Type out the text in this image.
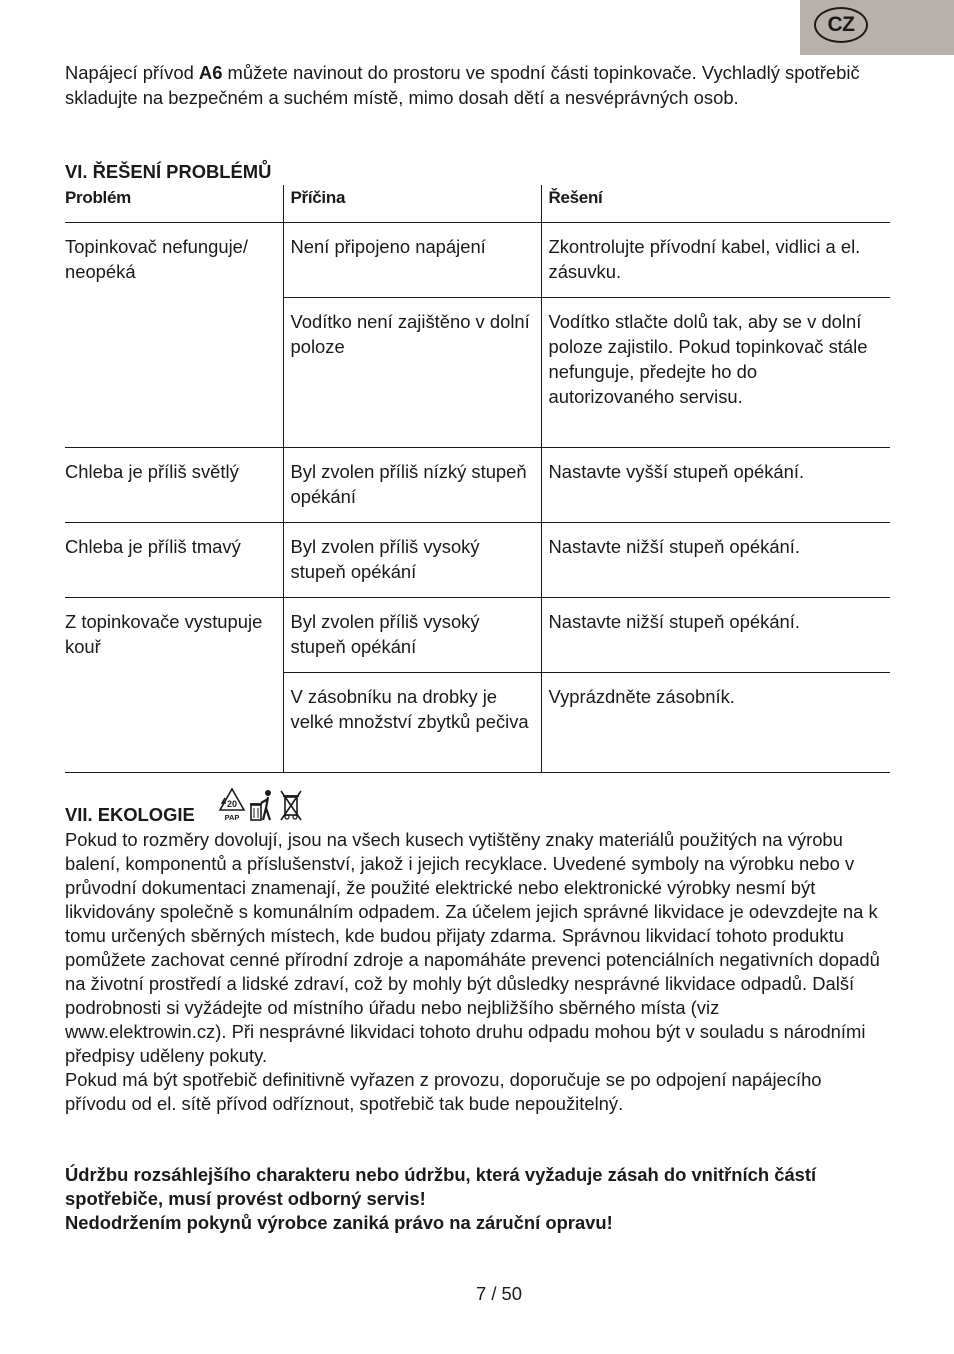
CZ

Napájecí přívod A6 můžete navinout do prostoru ve spodní části topinkovače. Vychladlý spotřebič skladujte na bezpečném a suchém místě, mimo dosah dětí a nesvéprávných osob.

VI. ŘEŠENÍ PROBLÉMŮ
Problém	Příčina	Řešení
Topinkovač nefunguje/ neopéká	Není připojeno napájení	Zkontrolujte přívodní kabel, vidlici a el. zásuvku.
	Vodítko není zajištěno v dolní poloze	Vodítko stlačte dolů tak, aby se v dolní poloze zajistilo. Pokud topinkovač stále nefunguje, předejte ho do autorizovaného servisu.
Chleba je příliš světlý	Byl zvolen příliš nízký stupeň opékání	Nastavte vyšší stupeň opékání.
Chleba je příliš tmavý	Byl zvolen příliš vysoký stupeň opékání	Nastavte nižší stupeň opékání.
Z topinkovače vystupuje kouř	Byl zvolen příliš vysoký stupeň opékání	Nastavte nižší stupeň opékání.
	V zásobníku na drobky je velké množství zbytků pečiva	Vyprázdněte zásobník.
VII. EKOLOGIE	20
PAP

Pokud to rozměry dovolují, jsou na všech kusech vytištěny znaky materiálů použitých na výrobu balení, komponentů a příslušenství, jakož i jejich recyklace. Uvedené symboly na výrobku nebo v průvodní dokumentaci znamenají, že použité elektrické nebo elektronické výrobky nesmí být likvidovány společně s komunálním odpadem. Za účelem jejich správné likvidace je odevzdejte na k tomu určených sběrných místech, kde budou přijaty zdarma. Správnou likvidací tohoto produktu pomůžete zachovat cenné přírodní zdroje a napomáháte prevenci potenciálních negativních dopadů na životní prostředí a lidské zdraví, což by mohly být důsledky nesprávné likvidace odpadů. Další podrobnosti si vyžádejte od místního úřadu nebo nejbližšího sběrného místa (viz www.elektrowin.cz). Při nesprávné likvidaci tohoto druhu odpadu mohou být v souladu s národními předpisy uděleny pokuty.

Pokud má být spotřebič definitivně vyřazen z provozu, doporučuje se po odpojení napájecího přívodu od el. sítě přívod odříznout, spotřebič tak bude nepoužitelný.

Údržbu rozsáhlejšího charakteru nebo údržbu, která vyžaduje zásah do vnitřních částí spotřebiče, musí provést odborný servis!

Nedodržením pokynů výrobce zaniká právo na záruční opravu!

7 / 50
